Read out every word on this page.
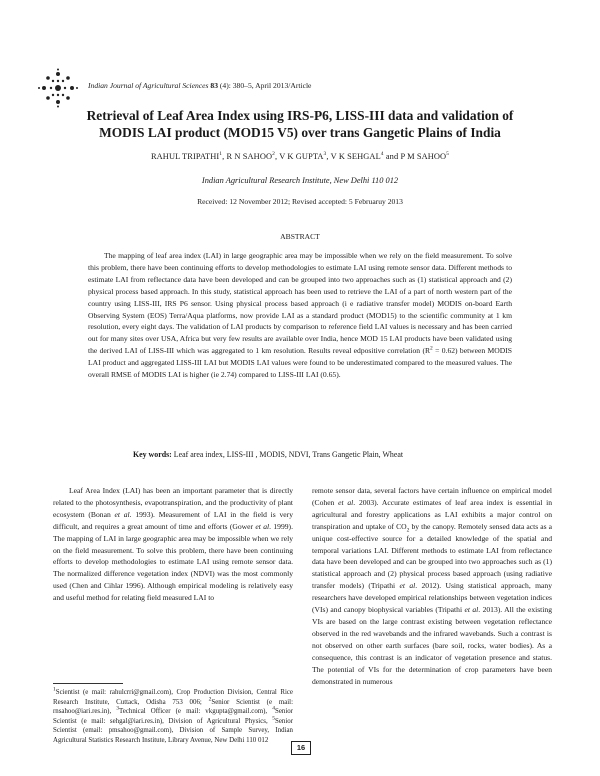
Indian Journal of Agricultural Sciences 83 (4): 380–5, April 2013/Article
Retrieval of Leaf Area Index using IRS-P6, LISS-III data and validation of
MODIS LAI product (MOD15 V5) over trans Gangetic Plains of India
RAHUL TRIPATHI$^1$, R N SAHOO$^2$, V K GUPTA$^3$, V K SEHGAL$^4$ and P M SAHOO$^5$
Indian Agricultural Research Institute, New Delhi 110 012
Received: 12 November 2012; Revised accepted: 5 Februaruy 2013
ABSTRACT

The mapping of leaf area index (LAI) in large geographic area may be impossible when we rely on the field measurement. To solve this problem, there have been continuing efforts to develop methodologies to estimate LAI using remote sensor data. Different methods to estimate LAI from reflectance data have been developed and can be grouped into two approaches such as (1) statistical approach and (2) physical process based approach. In this study, statistical approach has been used to retrieve the LAI of a part of north western part of the country using LISS-III, IRS P6 sensor. Using physical process based approach (i e radiative transfer model) MODIS on-board Earth Observing System (EOS) Terra/Aqua platforms, now provide LAI as a standard product (MOD15) to the scientific community at 1 km resolution, every eight days. The validation of LAI products by comparison to reference field LAI values is necessary and has been carried out for many sites over USA, Africa but very few results are available over India, hence MOD 15 LAI products have been validated using the derived LAI of LISS-III which was aggregated to 1 km resolution. Results reveal edpositive correlation $(R^2 = 0.62)$ between MODIS LAI product and aggregated LISS-III LAI but MODIS LAI values were found to be underestimated compared to the measured values. The overall RMSE of MODIS LAI is higher (ie 2.74) compared to LISS-III LAI (0.65).

Key words: Leaf area index, LISS-III , MODIS, NDVI, Trans Gangetic Plain, Wheat

Leaf Area Index (LAI) has been an important parameter that is directly related to the photosynthesis, evapotranspiration, and the productivity of plant ecosystem (Bonan et al. 1993). Measurement of LAI in the field is very difficult, and requires a great amount of time and efforts (Gower et al. 1999). The mapping of LAI in large geographic area may be impossible when we rely on the field measurement. To solve this problem, there have been continuing efforts to develop methodologies to estimate LAI using remote sensor data. The normalized difference vegetation index (NDVI) was the most commonly used (Chen and Cihlar 1996). Although empirical modeling is relatively easy and useful method for relating field measured LAI to

$^1$Scientist (e mail: rahulcrri@gmail.com), Crop Production Division, Central Rice Research Institute, Cuttack, Odisha 753 006; $^2$Senior Scientist (e mail: rnsahoo@iari.res.in), $^3$Technical Officer (e mail: vkgupta@gmail.com), $^4$Senior Scientist (e mail: sehgal@iari.res.in), Division of Agricultural Physics, $^5$Senior Scientist (email: pmsahoo@gmail.com), Division of Sample Survey, Indian Agricultural Statistics Research Institute, Library Avenue, New Delhi 110 012

remote sensor data, several factors have certain influence on empirical model (Cohen et al. 2003). Accurate estimates of leaf area index is essential in agricultural and forestry applications as LAI exhibits a major control on transpiration and uptake of $CO_2$ by the canopy. Remotely sensed data acts as a unique cost-effective source for a detailed knowledge of the spatial and temporal variations LAI. Different methods to estimate LAI from reflectance data have been developed and can be grouped into two approaches such as (1) statistical approach and (2) physical process based approach (using radiative transfer models) (Tripathi et al. 2012). Using statistical approach, many researchers have developed empirical relationships between vegetation indices (VIs) and canopy biophysical variables (Tripathi et al. 2013). All the existing VIs are based on the large contrast existing between vegetation reflectance observed in the red wavebands and the infrared wavebands. Such a contrast is not observed on other earth surfaces (bare soil, rocks, water bodies). As a consequence, this contrast is an indicator of vegetation presence and status. The potential of VIs for the determination of crop parameters have been demonstrated in numerous

16
